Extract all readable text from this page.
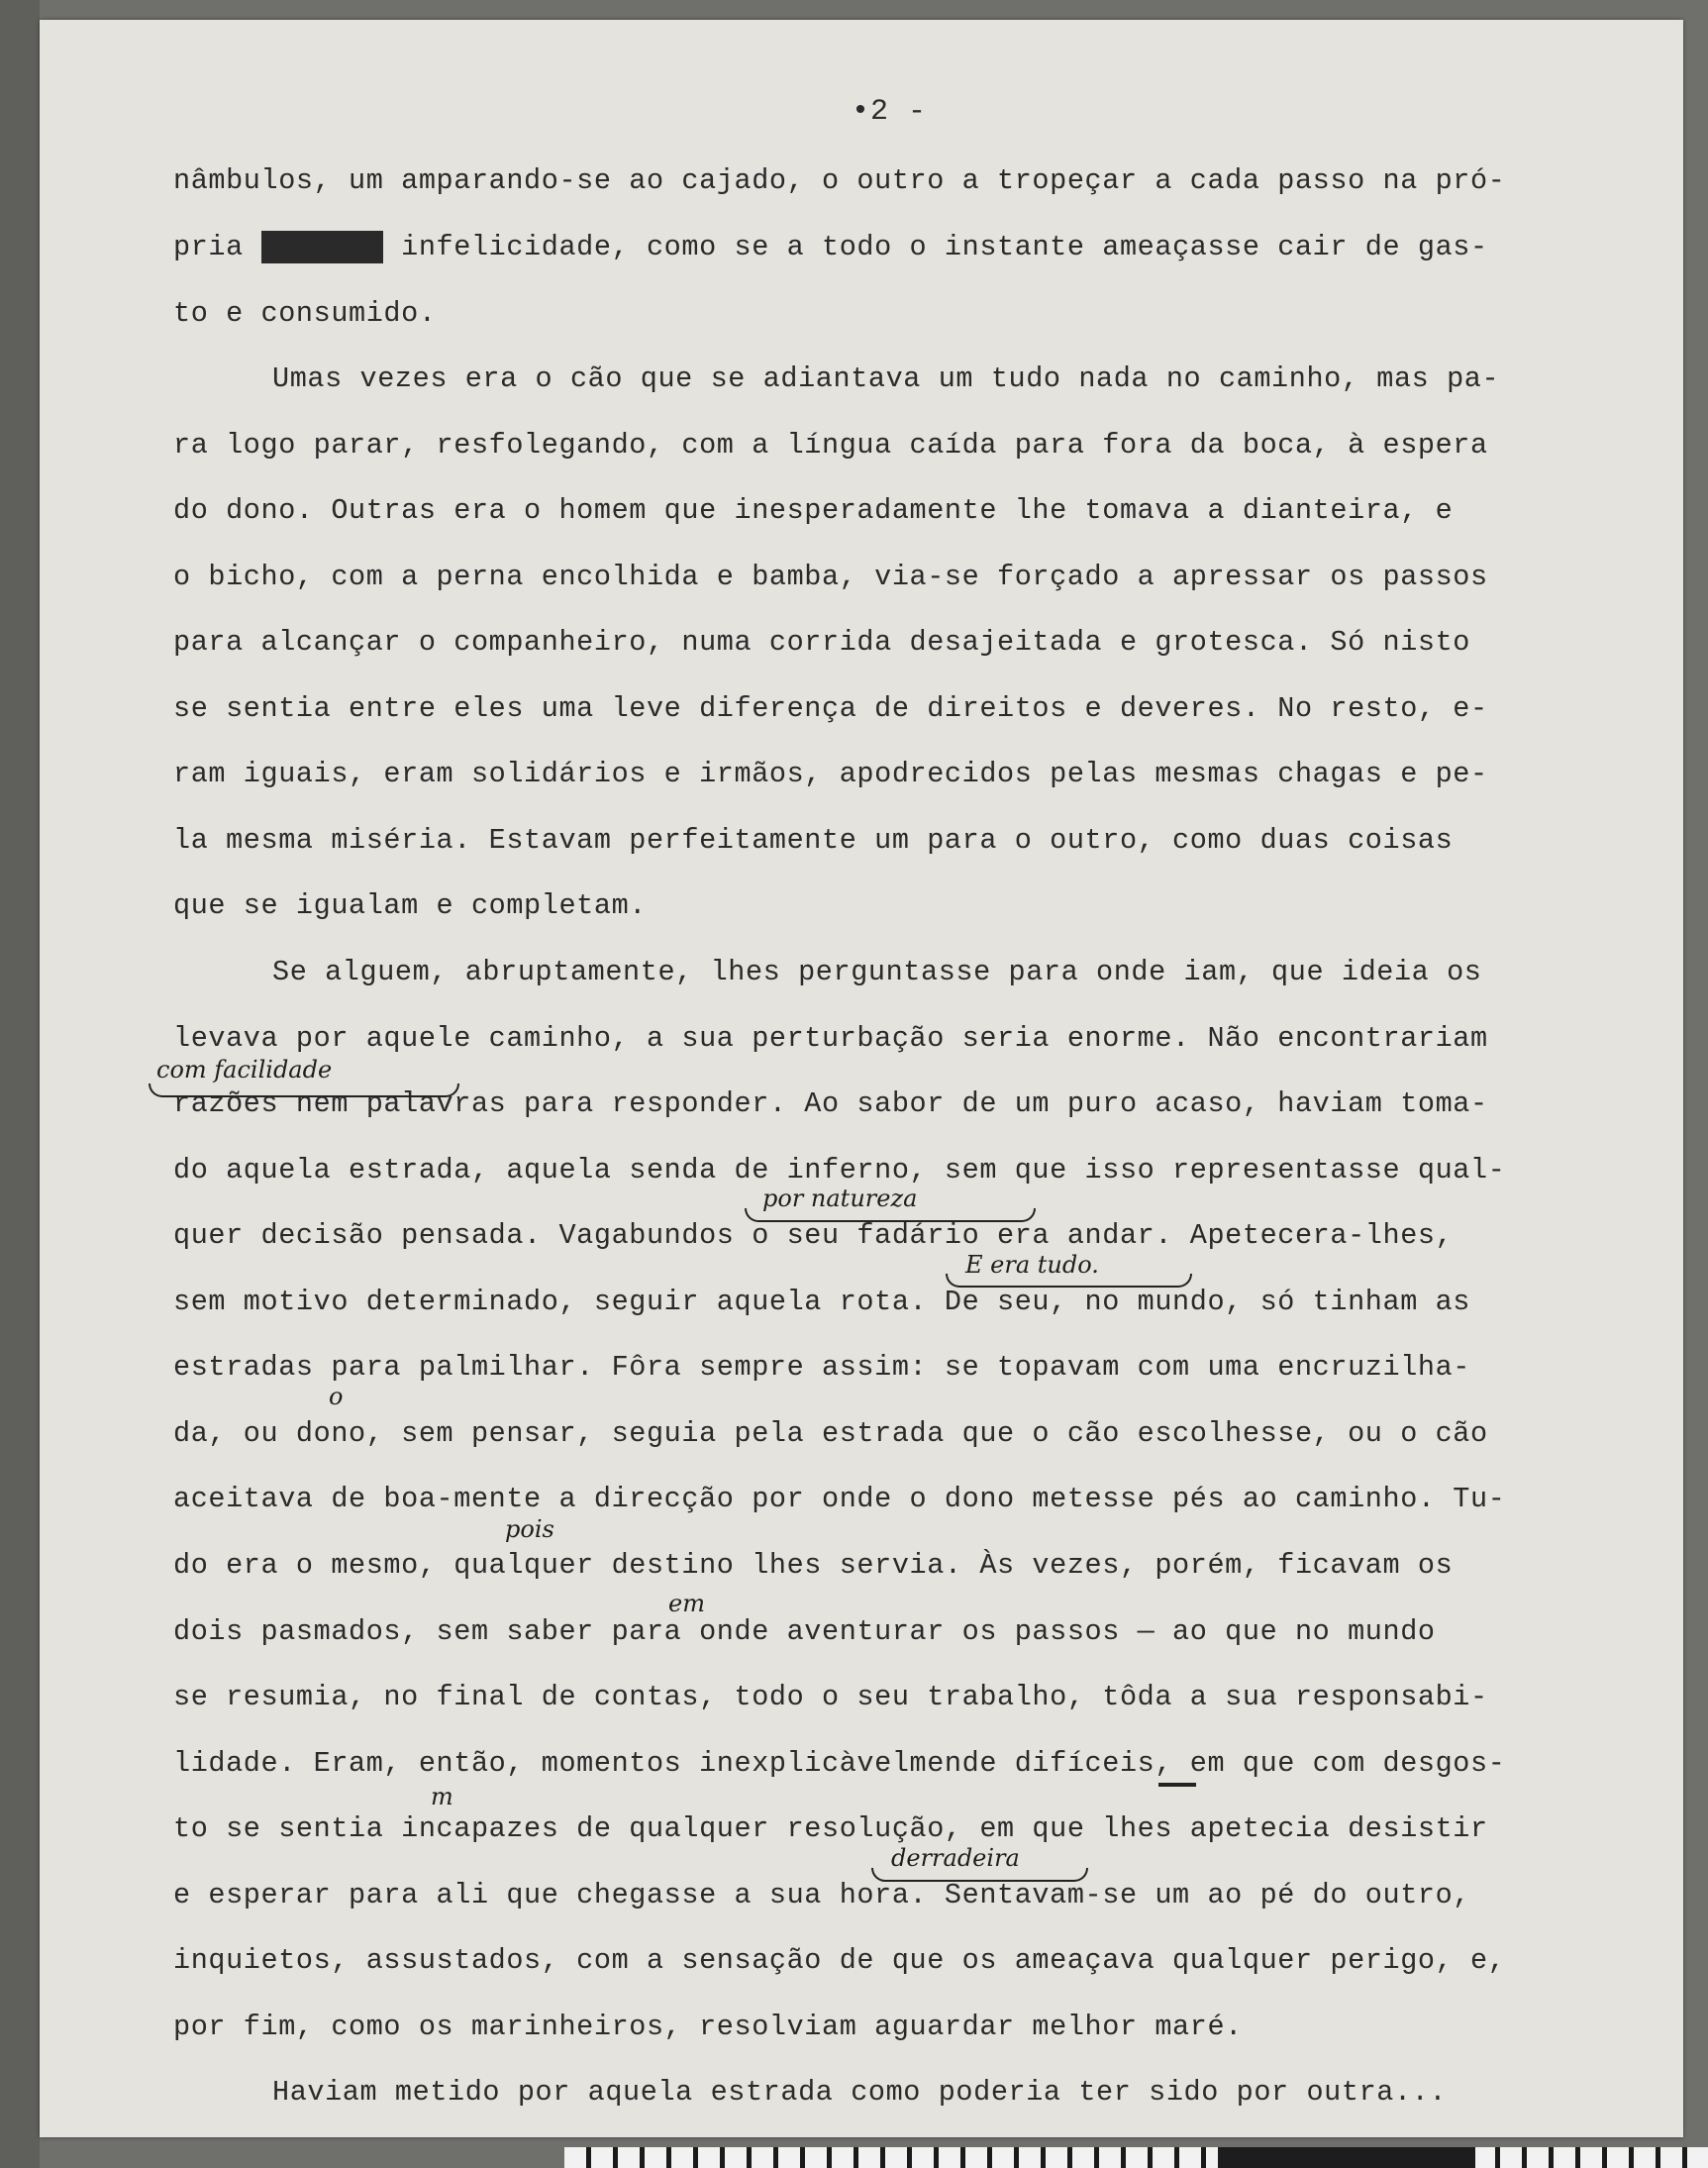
•2 -
nâmbulos, um amparando-se ao cajado, o outro a tropeçar a cada passo na pró-
pria miséria infelicidade, como se a todo o instante ameaçasse cair de gas-
to e consumido.
Umas vezes era o cão que se adiantava um tudo nada no caminho, mas pa-
ra logo parar, resfolegando, com a língua caída para fora da boca, à espera
do dono. Outras era o homem que inesperadamente lhe tomava a dianteira, e
o bicho, com a perna encolhida e bamba, via-se forçado a apressar os passos
para alcançar o companheiro, numa corrida desajeitada e grotesca. Só nisto
se sentia entre eles uma leve diferença de direitos e deveres. No resto, e-
ram iguais, eram solidários e irmãos, apodrecidos pelas mesmas chagas e pe-
la mesma miséria. Estavam perfeitamente um para o outro, como duas coisas
que se igualam e completam.
Se alguem, abruptamente, lhes perguntasse para onde iam, que ideia os
levava por aquele caminho, a sua perturbação seria enorme. Não encontrariam
razões nem palavras para responder. Ao sabor de um puro acaso, haviam toma-
do aquela estrada, aquela senda de inferno, sem que isso representasse qual-
quer decisão pensada. Vagabundos o seu fadário era andar. Apetecera-lhes,
sem motivo determinado, seguir aquela rota. De seu, no mundo, só tinham as
estradas para palmilhar. Fôra sempre assim: se topavam com uma encruzilha-
da, ou dono, sem pensar, seguia pela estrada que o cão escolhesse, ou o cão
aceitava de boa-mente a direcção por onde o dono metesse pés ao caminho. Tu-
do era o mesmo, qualquer destino lhes servia. Às vezes, porém, ficavam os
dois pasmados, sem saber para onde aventurar os passos — ao que no mundo
se resumia, no final de contas, todo o seu trabalho, tôda a sua responsabi-
lidade. Eram, então, momentos inexplicàvelmende difíceis, em que com desgos-
to se sentia incapazes de qualquer resolução, em que lhes apetecia desistir
e esperar para ali que chegasse a sua hora. Sentavam-se um ao pé do outro,
inquietos, assustados, com a sensação de que os ameaçava qualquer perigo, e,
por fim, como os marinheiros, resolviam aguardar melhor maré.
Haviam metido por aquela estrada como poderia ter sido por outra...
com facilidade
por natureza
E era tudo.
o
pois
em
m
derradeira
